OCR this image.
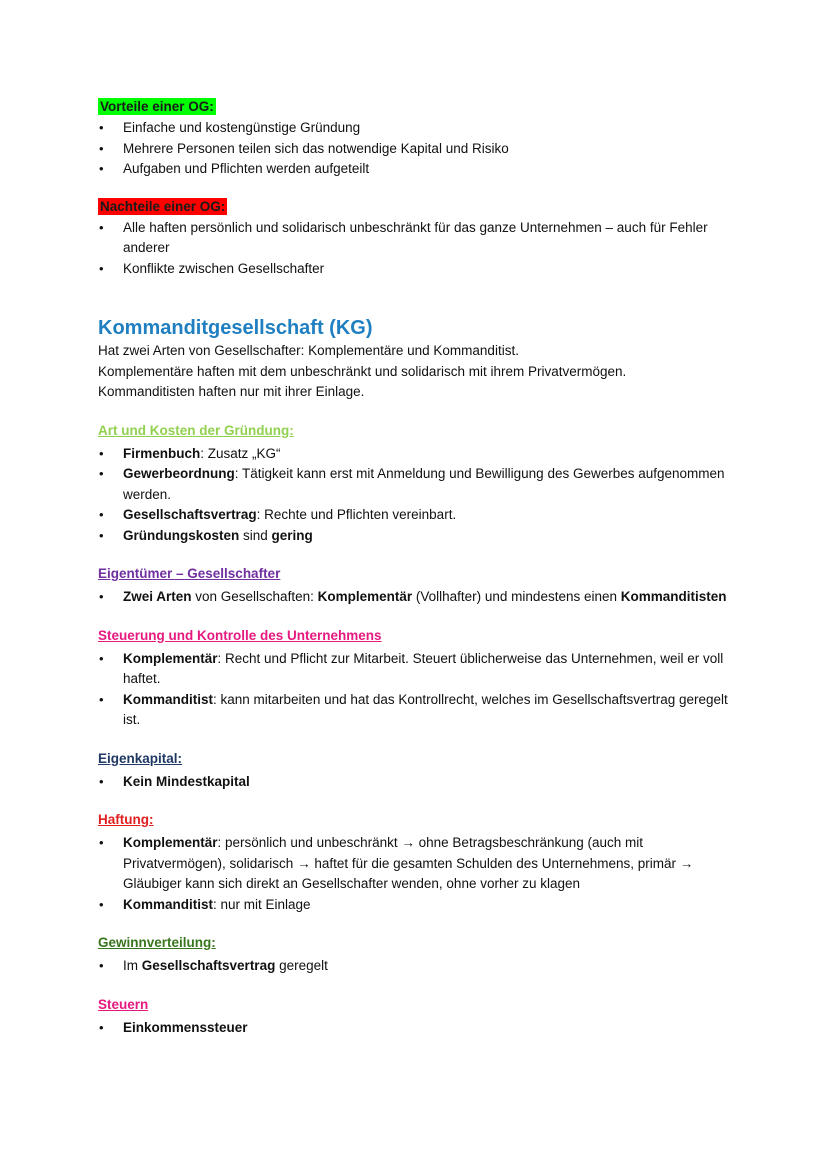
Vorteile einer OG:
• Einfache und kostengünstige Gründung
• Mehrere Personen teilen sich das notwendige Kapital und Risiko
• Aufgaben und Pflichten werden aufgeteilt
Nachteile einer OG:
• Alle haften persönlich und solidarisch unbeschränkt für das ganze Unternehmen – auch für Fehler anderer
• Konflikte zwischen Gesellschafter
Kommanditgesellschaft (KG)

Hat zwei Arten von Gesellschafter: Komplementäre und Kommanditist.

Komplementäre haften mit dem unbeschränkt und solidarisch mit ihrem Privatvermögen.

Kommanditisten haften nur mit ihrer Einlage.

Art und Kosten der Gründung:
• Firmenbuch: Zusatz „KG“
• Gewerbeordnung: Tätigkeit kann erst mit Anmeldung und Bewilligung des Gewerbes aufgenommen werden.
• Gesellschaftsvertrag: Rechte und Pflichten vereinbart.
• Gründungskosten sind gering
Eigentümer – Gesellschafter
• Zwei Arten von Gesellschaften: Komplementär (Vollhafter) und mindestens einen Kommanditisten
Steuerung und Kontrolle des Unternehmens
• Komplementär: Recht und Pflicht zur Mitarbeit. Steuert üblicherweise das Unternehmen, weil er voll haftet.
• Kommanditist: kann mitarbeiten und hat das Kontrollrecht, welches im Gesellschaftsvertrag geregelt ist.
Eigenkapital:
• Kein Mindestkapital
Haftung:
• Komplementär: persönlich und unbeschränkt → ohne Betragsbeschränkung (auch mit Privatvermögen), solidarisch → haftet für die gesamten Schulden des Unternehmens, primär → Gläubiger kann sich direkt an Gesellschafter wenden, ohne vorher zu klagen
• Kommanditist: nur mit Einlage
Gewinnverteilung:
• Im Gesellschaftsvertrag geregelt
Steuern
• Einkommenssteuer
